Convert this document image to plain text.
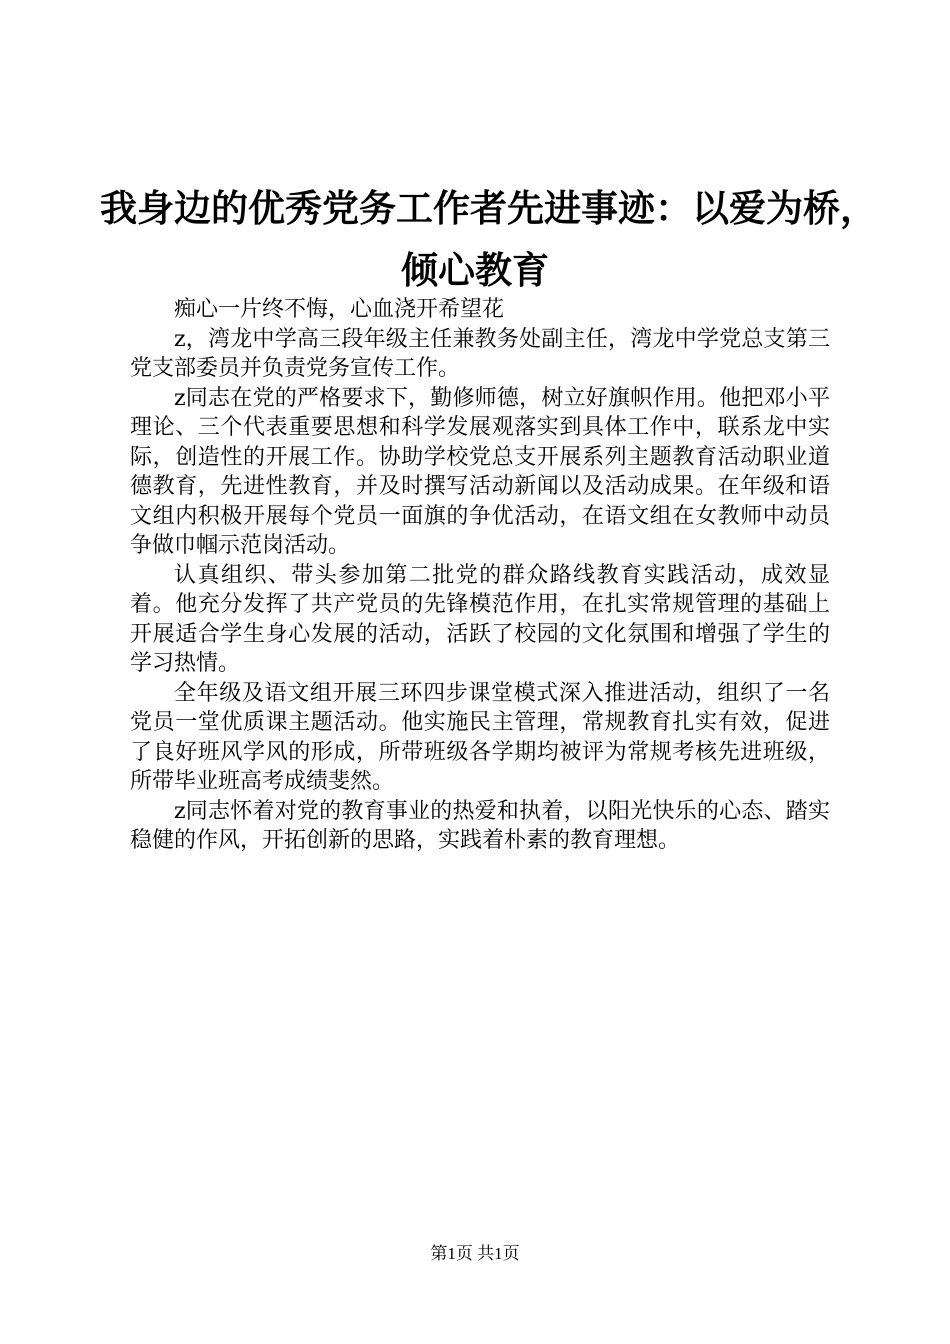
我身边的优秀党务工作者先进事迹：以爱为桥，
倾心教育

痴心一片终不悔，心血浇开希望花

z，湾龙中学高三段年级主任兼教务处副主任，湾龙中学党总支第三党支部委员并负责党务宣传工作。

z同志在党的严格要求下，勤修师德，树立好旗帜作用。他把邓小平理论、三个代表重要思想和科学发展观落实到具体工作中，联系龙中实际，创造性的开展工作。协助学校党总支开展系列主题教育活动职业道德教育，先进性教育，并及时撰写活动新闻以及活动成果。在年级和语文组内积极开展每个党员一面旗的争优活动，在语文组在女教师中动员争做巾帼示范岗活动。

认真组织、带头参加第二批党的群众路线教育实践活动，成效显着。他充分发挥了共产党员的先锋模范作用，在扎实常规管理的基础上开展适合学生身心发展的活动，活跃了校园的文化氛围和增强了学生的学习热情。

全年级及语文组开展三环四步课堂模式深入推进活动，组织了一名党员一堂优质课主题活动。他实施民主管理，常规教育扎实有效，促进了良好班风学风的形成，所带班级各学期均被评为常规考核先进班级，所带毕业班高考成绩斐然。

z同志怀着对党的教育事业的热爱和执着，以阳光快乐的心态、踏实稳健的作风，开拓创新的思路，实践着朴素的教育理想。

第1页 共1页
